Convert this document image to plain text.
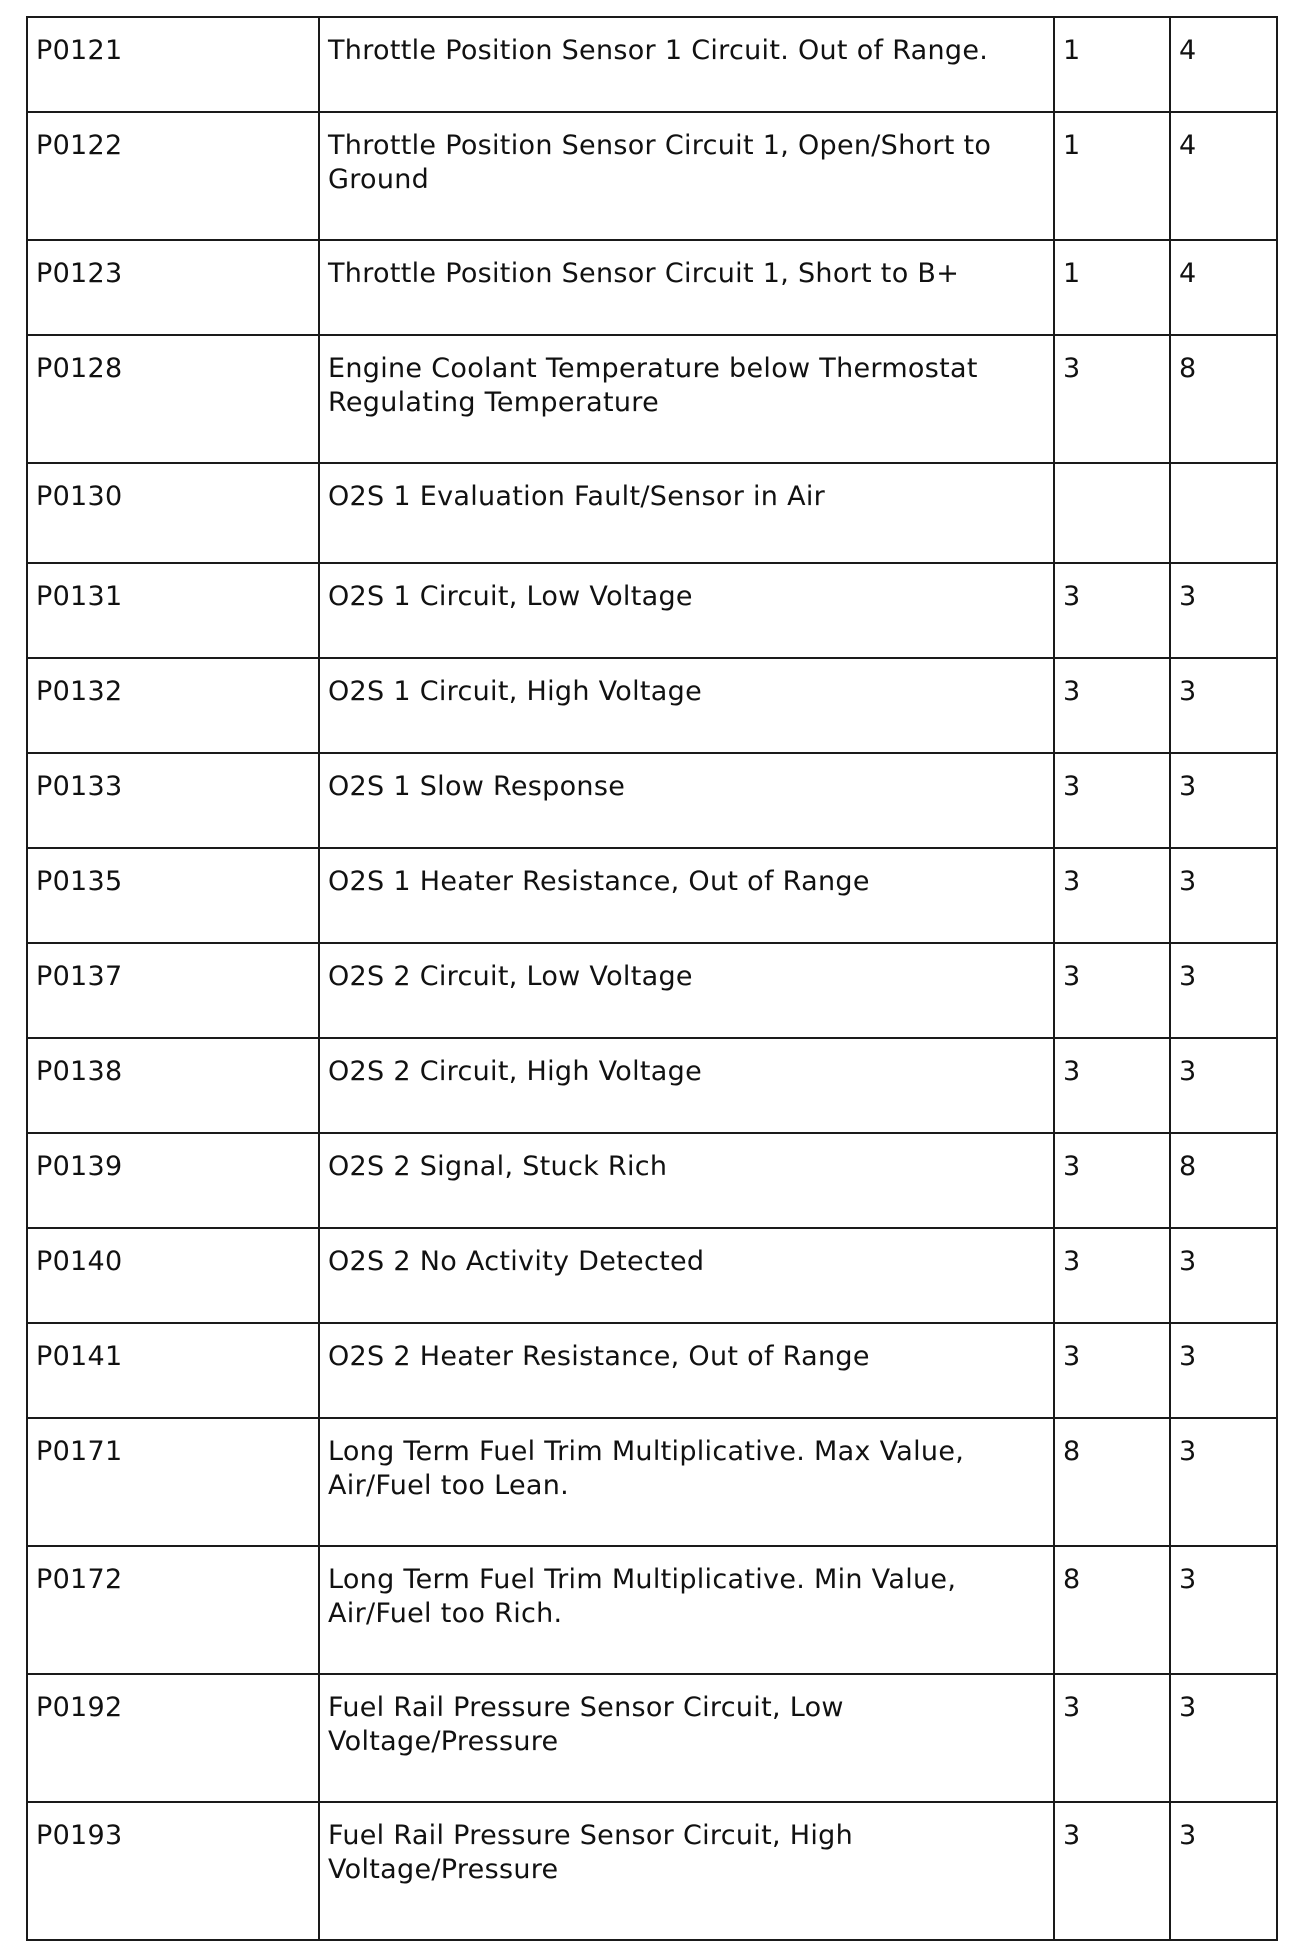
P0121	Throttle Position Sensor 1 Circuit. Out of Range.	1	4
P0122	Throttle Position Sensor Circuit 1, Open/Short to Ground	1	4
P0123	Throttle Position Sensor Circuit 1, Short to B+	1	4
P0128	Engine Coolant Temperature below Thermostat Regulating Temperature	3	8
P0130	O2S 1 Evaluation Fault/Sensor in Air		
P0131	O2S 1 Circuit, Low Voltage	3	3
P0132	O2S 1 Circuit, High Voltage	3	3
P0133	O2S 1 Slow Response	3	3
P0135	O2S 1 Heater Resistance, Out of Range	3	3
P0137	O2S 2 Circuit, Low Voltage	3	3
P0138	O2S 2 Circuit, High Voltage	3	3
P0139	O2S 2 Signal, Stuck Rich	3	8
P0140	O2S 2 No Activity Detected	3	3
P0141	O2S 2 Heater Resistance, Out of Range	3	3
P0171	Long Term Fuel Trim Multiplicative. Max Value, Air/Fuel too Lean.	8	3
P0172	Long Term Fuel Trim Multiplicative. Min Value, Air/Fuel too Rich.	8	3
P0192	Fuel Rail Pressure Sensor Circuit, Low Voltage/Pressure	3	3
P0193	Fuel Rail Pressure Sensor Circuit, High Voltage/Pressure	3	3
